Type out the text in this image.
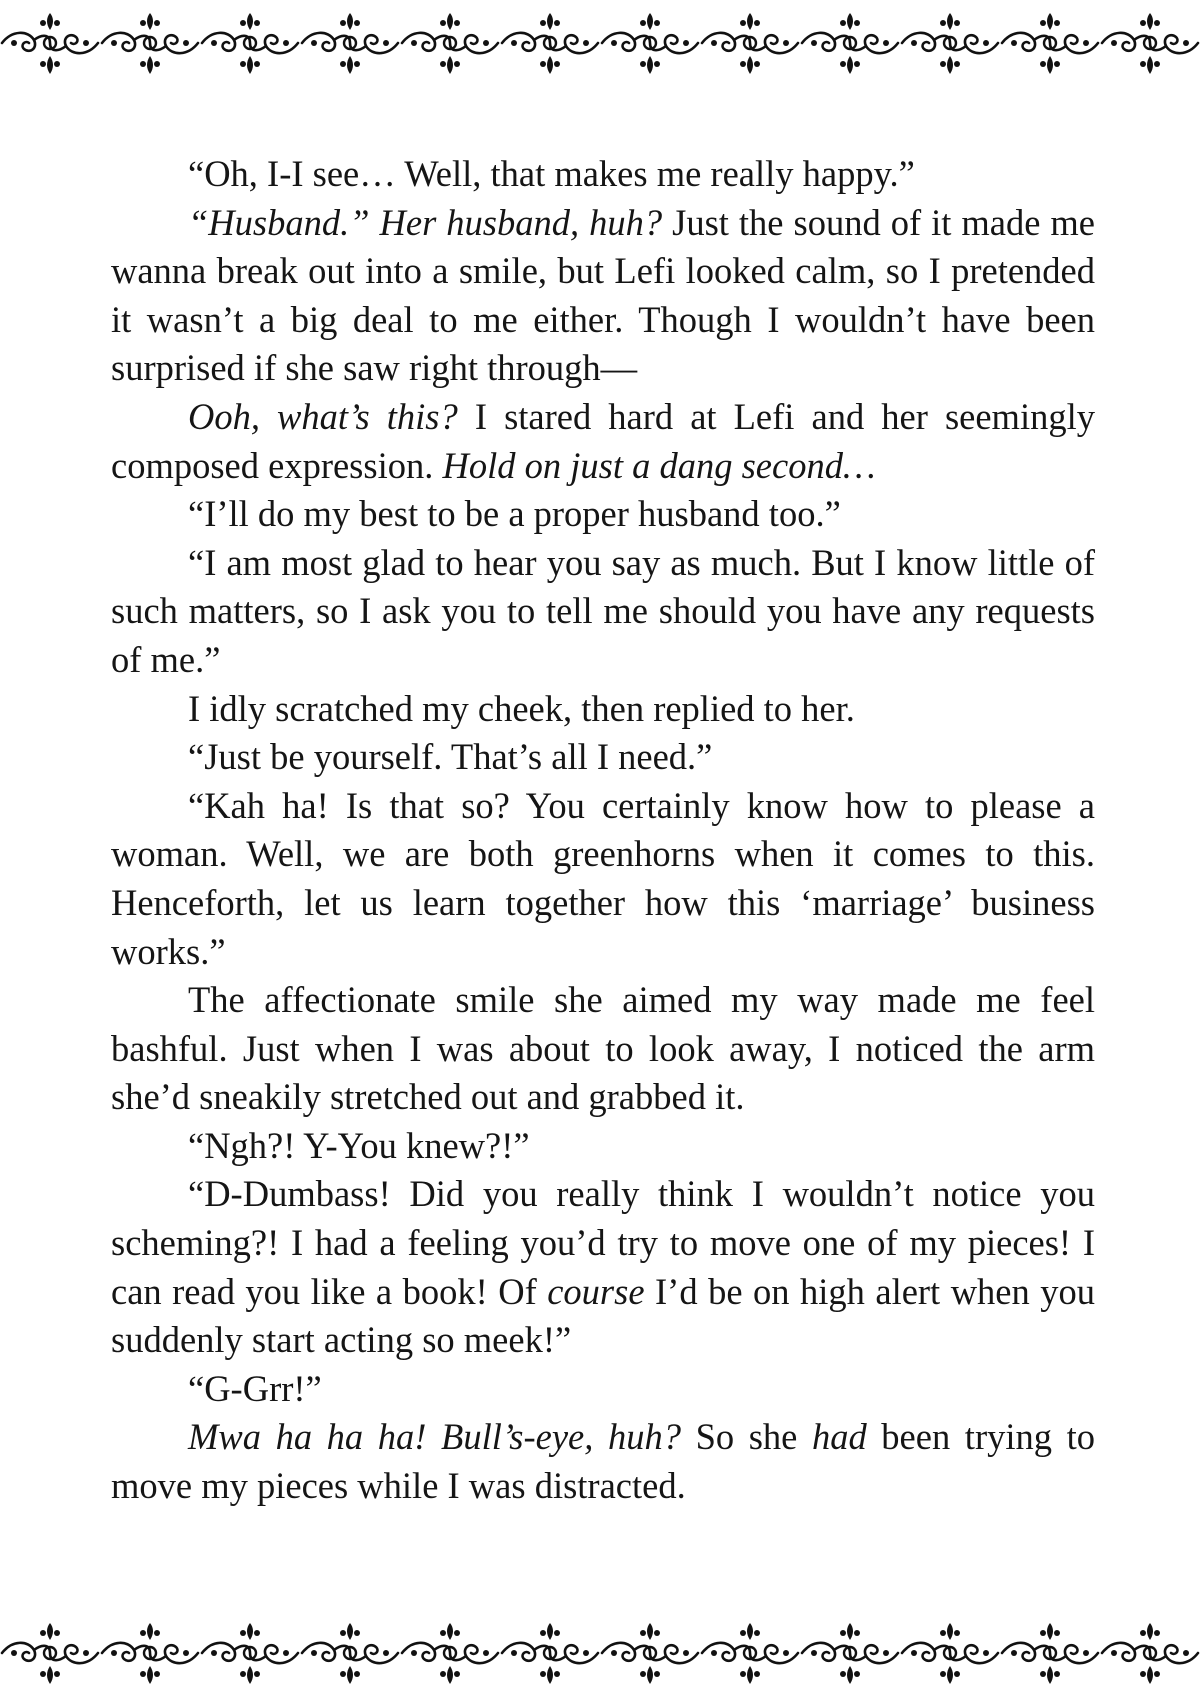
“Oh, I-I see… Well, that makes me really happy.”

“Husband.” Her husband, huh? Just the sound of it made me wanna break out into a smile, but Lefi looked calm, so I pretended it wasn’t a big deal to me either. Though I wouldn’t have been surprised if she saw right through—

Ooh, what’s this? I stared hard at Lefi and her seemingly composed expression. Hold on just a dang second…

“I’ll do my best to be a proper husband too.”

“I am most glad to hear you say as much. But I know little of such matters, so I ask you to tell me should you have any requests of me.”

I idly scratched my cheek, then replied to her.

“Just be yourself. That’s all I need.”

“Kah ha! Is that so? You certainly know how to please a woman. Well, we are both greenhorns when it comes to this. Henceforth, let us learn together how this ‘marriage’ business works.”

The affectionate smile she aimed my way made me feel bashful. Just when I was about to look away, I noticed the arm she’d sneakily stretched out and grabbed it.

“Ngh?! Y-You knew?!”

“D-Dumbass! Did you really think I wouldn’t notice you scheming?! I had a feeling you’d try to move one of my pieces! I can read you like a book! Of course I’d be on high alert when you suddenly start acting so meek!”

“G-Grr!”

Mwa ha ha ha! Bull’s-eye, huh? So she had been trying to move my pieces while I was distracted.
